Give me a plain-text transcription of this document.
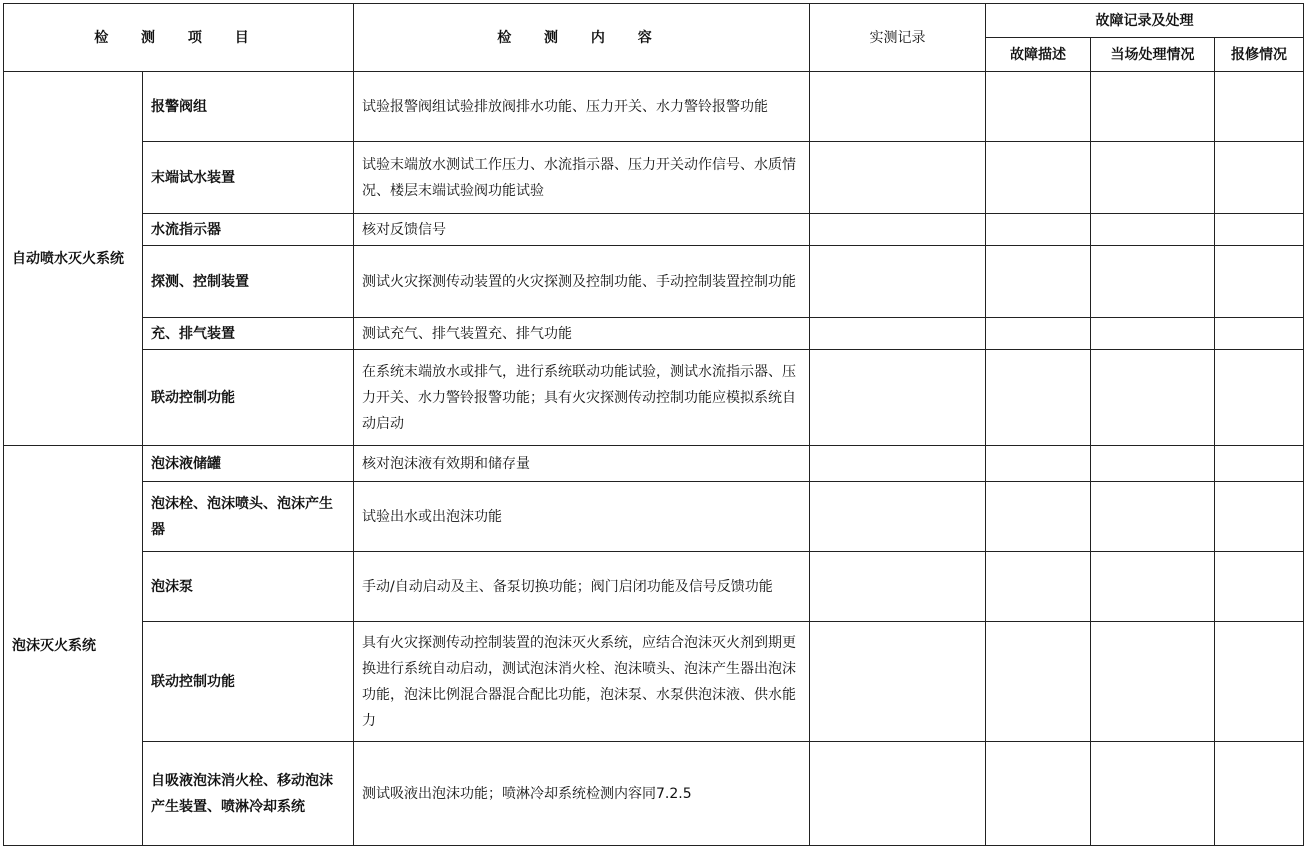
检 测 项 目		检 测 内 容	实测记录	故障记录及处理		
				故障描述	当场处理情况	报修情况
自动喷水灭火系统	报警阀组	试验报警阀组试验排放阀排水功能、压力开关、水力警铃报警功能				
	末端试水装置	试验末端放水测试工作压力、水流指示器、压力开关动作信号、水质情况、楼层末端试验阀功能试验				
	水流指示器	核对反馈信号				
	探测、控制装置	测试火灾探测传动装置的火灾探测及控制功能、手动控制装置控制功能				
	充、排气装置	测试充气、排气装置充、排气功能				
	联动控制功能	在系统末端放水或排气，进行系统联动功能试验，测试水流指示器、压力开关、水力警铃报警功能；具有火灾探测传动控制功能应模拟系统自动启动				
泡沫灭火系统	泡沫液储罐	核对泡沫液有效期和储存量				
	泡沫栓、泡沫喷头、泡沫产生器	试验出水或出泡沫功能				
	泡沫泵	手动/自动启动及主、备泵切换功能；阀门启闭功能及信号反馈功能				
	联动控制功能	具有火灾探测传动控制装置的泡沫灭火系统，应结合泡沫灭火剂到期更换进行系统自动启动，测试泡沫消火栓、泡沫喷头、泡沫产生器出泡沫功能，泡沫比例混合器混合配比功能，泡沫泵、水泵供泡沫液、供水能力				
	自吸液泡沫消火栓、移动泡沫产生装置、喷淋冷却系统	测试吸液出泡沫功能；喷淋冷却系统检测内容同7.2.5				
